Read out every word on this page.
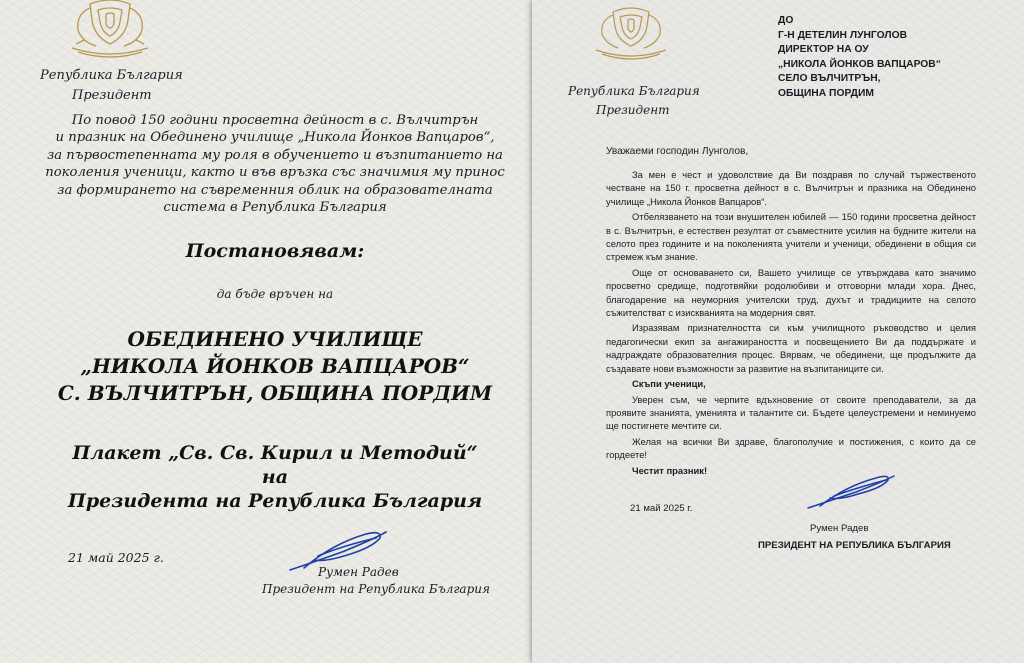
Република България
Президент
По повод 150 години просветна дейност в с. Вълчитрън
и празник на Обединено училище „Никола Йонков Вапцаров“,
за първостепенната му роля в обучението и възпитанието на
поколения ученици, както и във връзка със значимия му принос
за формирането на съвременния облик на образователната
система в Република България
Постановявам:
да бъде връчен на
ОБЕДИНЕНО УЧИЛИЩЕ
„НИКОЛА ЙОНКОВ ВАПЦАРОВ“
С. ВЪЛЧИТРЪН, ОБЩИНА ПОРДИМ
Плакет „Св. Св. Кирил и Методий“
на
Президента на Република България
21 май 2025 г.
Румен Радев
Президент на Република България
Република България
Президент
ДО
Г-Н ДЕТЕЛИН ЛУНГОЛОВ
ДИРЕКТОР НА ОУ
„НИКОЛА ЙОНКОВ ВАПЦАРОВ“
СЕЛО ВЪЛЧИТРЪН,
ОБЩИНА ПОРДИМ
Уважаеми господин Лунголов,
За мен е чест и удоволствие да Ви поздравя по случай тържественото честване на 150 г. просветна дейност в с. Вълчитрън и празника на Обединено училище „Никола Йонков Вапцаров“.
Отбелязването на този внушителен юбилей — 150 години просветна дейност в с. Вълчитрън, е естествен резултат от съвместните усилия на будните жители на селото през годините и на поколенията учители и ученици, обединени в общия си стремеж към знание.
Още от основаването си, Вашето училище се утвърждава като значимо просветно средище, подготвяйки родолюбиви и отговорни млади хора. Днес, благодарение на неуморния учителски труд, духът и традициите на селото съжителстват с изискванията на модерния свят.
Изразявам признателността си към училищното ръководство и целия педагогически екип за ангажираността и посвещението Ви да поддържате и надграждате образователния процес. Вярвам, че обединени, ще продължите да създавате нови възможности за развитие на възпитаниците си.
Скъпи ученици,
Уверен съм, че черпите вдъхновение от своите преподаватели, за да проявите знанията, уменията и талантите си. Бъдете целеустремени и неминуемо ще постигнете мечтите си.
Желая на всички Ви здраве, благополучие и постижения, с които да се гордеете!
Честит празник!
21 май 2025 г.
Румен Радев
ПРЕЗИДЕНТ НА РЕПУБЛИКА БЪЛГАРИЯ
